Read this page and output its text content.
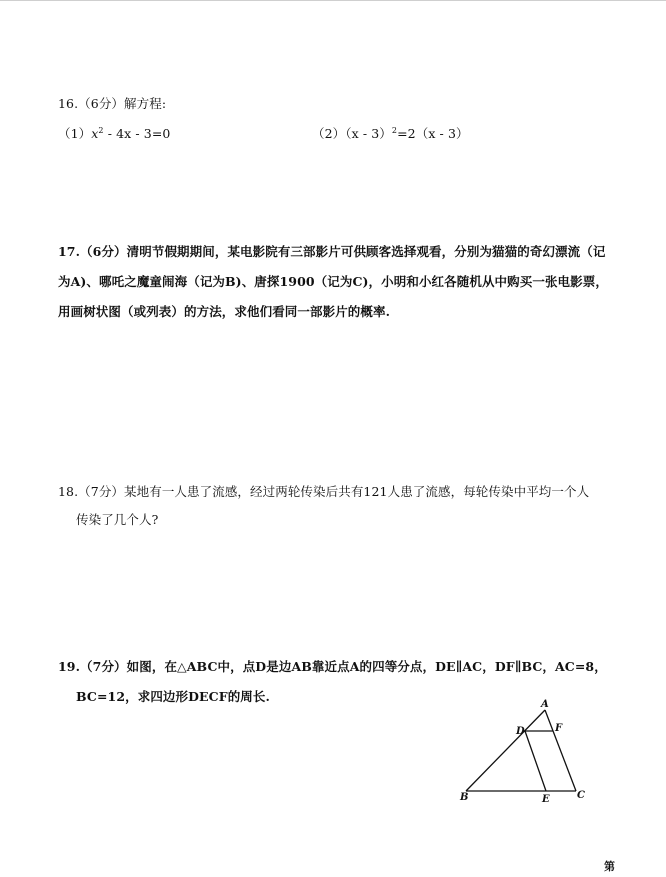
16.（6分）解方程:
$(1)x^2 - 4x - 3=0$	（2）（x - 3）$^2$=2（x - 3）
17.（6分）清明节假期期间，某电影院有三部影片可供顾客选择观看，分别为猫猫的奇幻漂流（记
为A)、哪吒之魔童闹海（记为B)、唐探1900（记为C)，小明和小红各随机从中购买一张电影票，
用画树状图（或列表）的方法，求他们看同一部影片的概率.
18.（7分）某地有一人患了流感，经过两轮传染后共有121人患了流感，每轮传染中平均一个人
传染了几个人?
19.（7分）如图，在△ABC中，点D是边AB靠近点A的四等分点，DE∥AC，DF∥BC，AC=8，
BC=12，求四边形DECF的周长.
A
B	C
D
E
F
第
